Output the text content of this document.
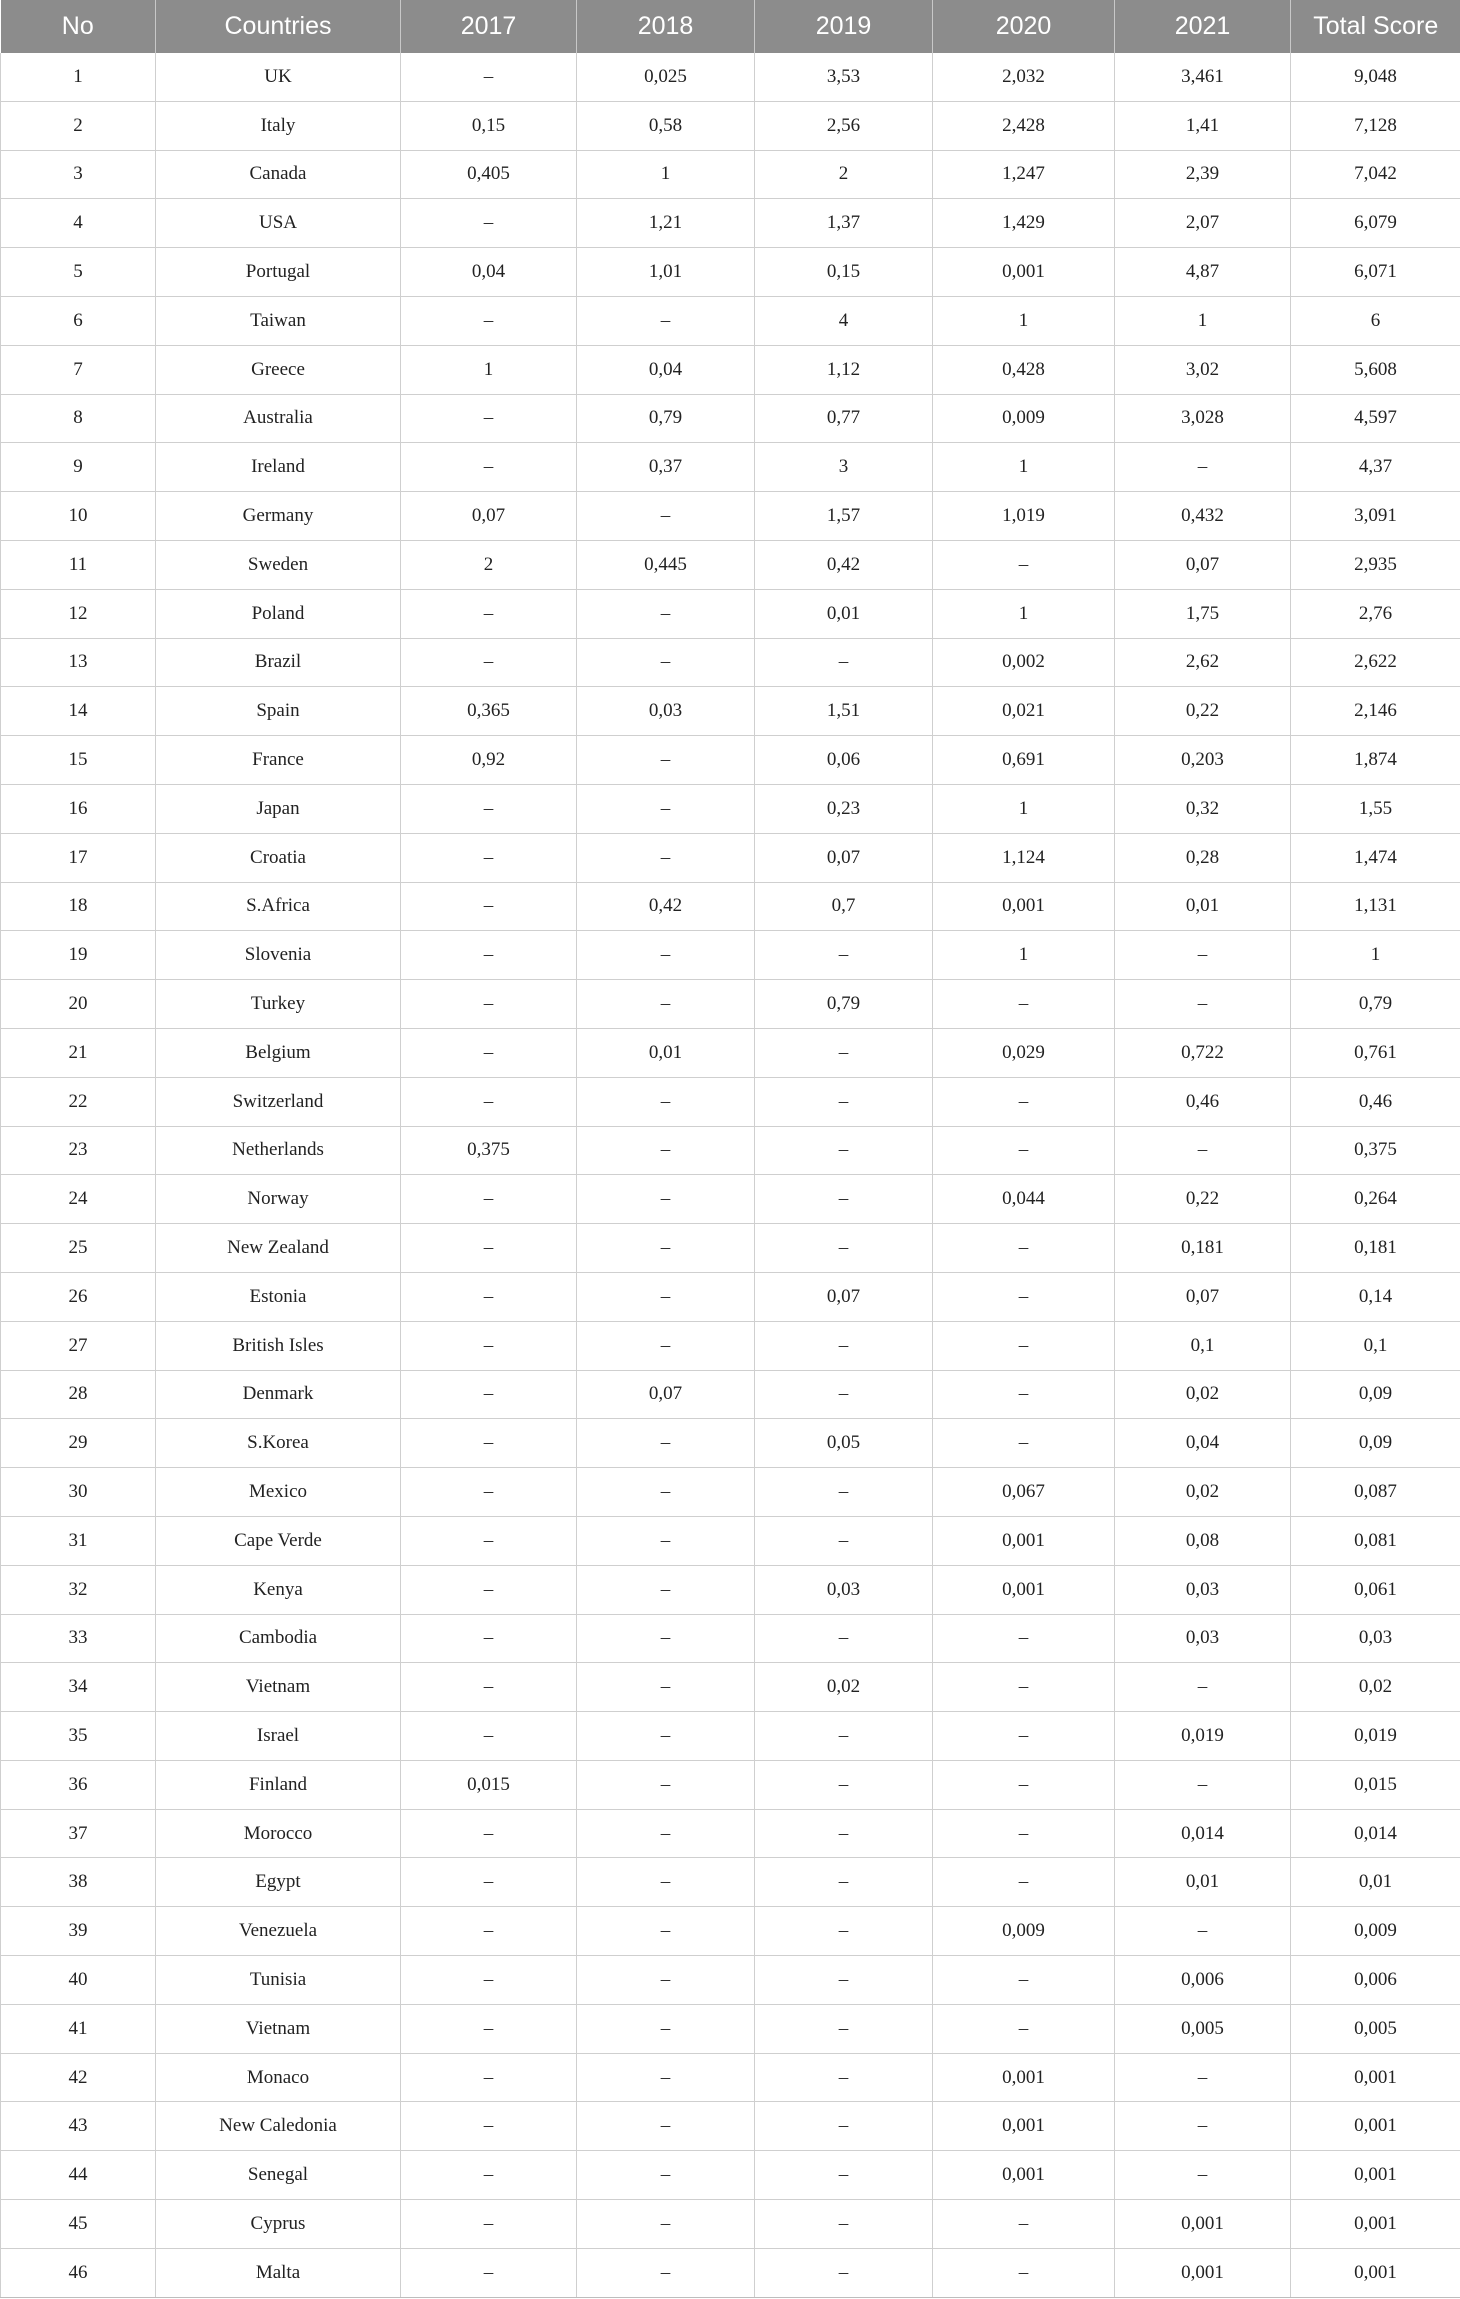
No	Countries	2017	2018	2019	2020	2021	Total Score
1	UK	–	0,025	3,53	2,032	3,461	9,048
2	Italy	0,15	0,58	2,56	2,428	1,41	7,128
3	Canada	0,405	1	2	1,247	2,39	7,042
4	USA	–	1,21	1,37	1,429	2,07	6,079
5	Portugal	0,04	1,01	0,15	0,001	4,87	6,071
6	Taiwan	–	–	4	1	1	6
7	Greece	1	0,04	1,12	0,428	3,02	5,608
8	Australia	–	0,79	0,77	0,009	3,028	4,597
9	Ireland	–	0,37	3	1	–	4,37
10	Germany	0,07	–	1,57	1,019	0,432	3,091
11	Sweden	2	0,445	0,42	–	0,07	2,935
12	Poland	–	–	0,01	1	1,75	2,76
13	Brazil	–	–	–	0,002	2,62	2,622
14	Spain	0,365	0,03	1,51	0,021	0,22	2,146
15	France	0,92	–	0,06	0,691	0,203	1,874
16	Japan	–	–	0,23	1	0,32	1,55
17	Croatia	–	–	0,07	1,124	0,28	1,474
18	S.Africa	–	0,42	0,7	0,001	0,01	1,131
19	Slovenia	–	–	–	1	–	1
20	Turkey	–	–	0,79	–	–	0,79
21	Belgium	–	0,01	–	0,029	0,722	0,761
22	Switzerland	–	–	–	–	0,46	0,46
23	Netherlands	0,375	–	–	–	–	0,375
24	Norway	–	–	–	0,044	0,22	0,264
25	New Zealand	–	–	–	–	0,181	0,181
26	Estonia	–	–	0,07	–	0,07	0,14
27	British Isles	–	–	–	–	0,1	0,1
28	Denmark	–	0,07	–	–	0,02	0,09
29	S.Korea	–	–	0,05	–	0,04	0,09
30	Mexico	–	–	–	0,067	0,02	0,087
31	Cape Verde	–	–	–	0,001	0,08	0,081
32	Kenya	–	–	0,03	0,001	0,03	0,061
33	Cambodia	–	–	–	–	0,03	0,03
34	Vietnam	–	–	0,02	–	–	0,02
35	Israel	–	–	–	–	0,019	0,019
36	Finland	0,015	–	–	–	–	0,015
37	Morocco	–	–	–	–	0,014	0,014
38	Egypt	–	–	–	–	0,01	0,01
39	Venezuela	–	–	–	0,009	–	0,009
40	Tunisia	–	–	–	–	0,006	0,006
41	Vietnam	–	–	–	–	0,005	0,005
42	Monaco	–	–	–	0,001	–	0,001
43	New Caledonia	–	–	–	0,001	–	0,001
44	Senegal	–	–	–	0,001	–	0,001
45	Cyprus	–	–	–	–	0,001	0,001
46	Malta	–	–	–	–	0,001	0,001
